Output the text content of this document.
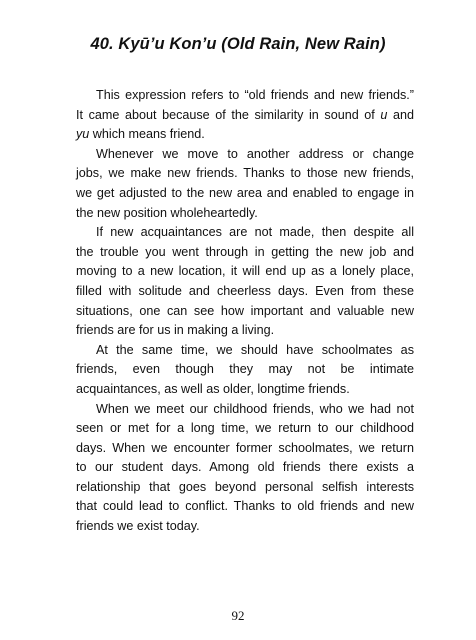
40. Kyū’u Kon’u (Old Rain, New Rain)

This expression refers to “old friends and new friends.”
It came about because of the similarity in sound of u and
yu which means friend.

Whenever we move to another address or change
jobs, we make new friends. Thanks to those new friends,
we get adjusted to the new area and enabled to engage in
the new position wholeheartedly.

If new acquaintances are not made, then despite all
the trouble you went through in getting the new job and
moving to a new location, it will end up as a lonely place,
filled with solitude and cheerless days. Even from these
situations, one can see how important and valuable new
friends are for us in making a living.

At the same time, we should have schoolmates as
friends, even though they may not be intimate
acquaintances, as well as older, longtime friends.

When we meet our childhood friends, who we had not
seen or met for a long time, we return to our childhood
days. When we encounter former schoolmates, we return
to our student days. Among old friends there exists a
relationship that goes beyond personal selfish interests
that could lead to conflict. Thanks to old friends and new
friends we exist today.

92
